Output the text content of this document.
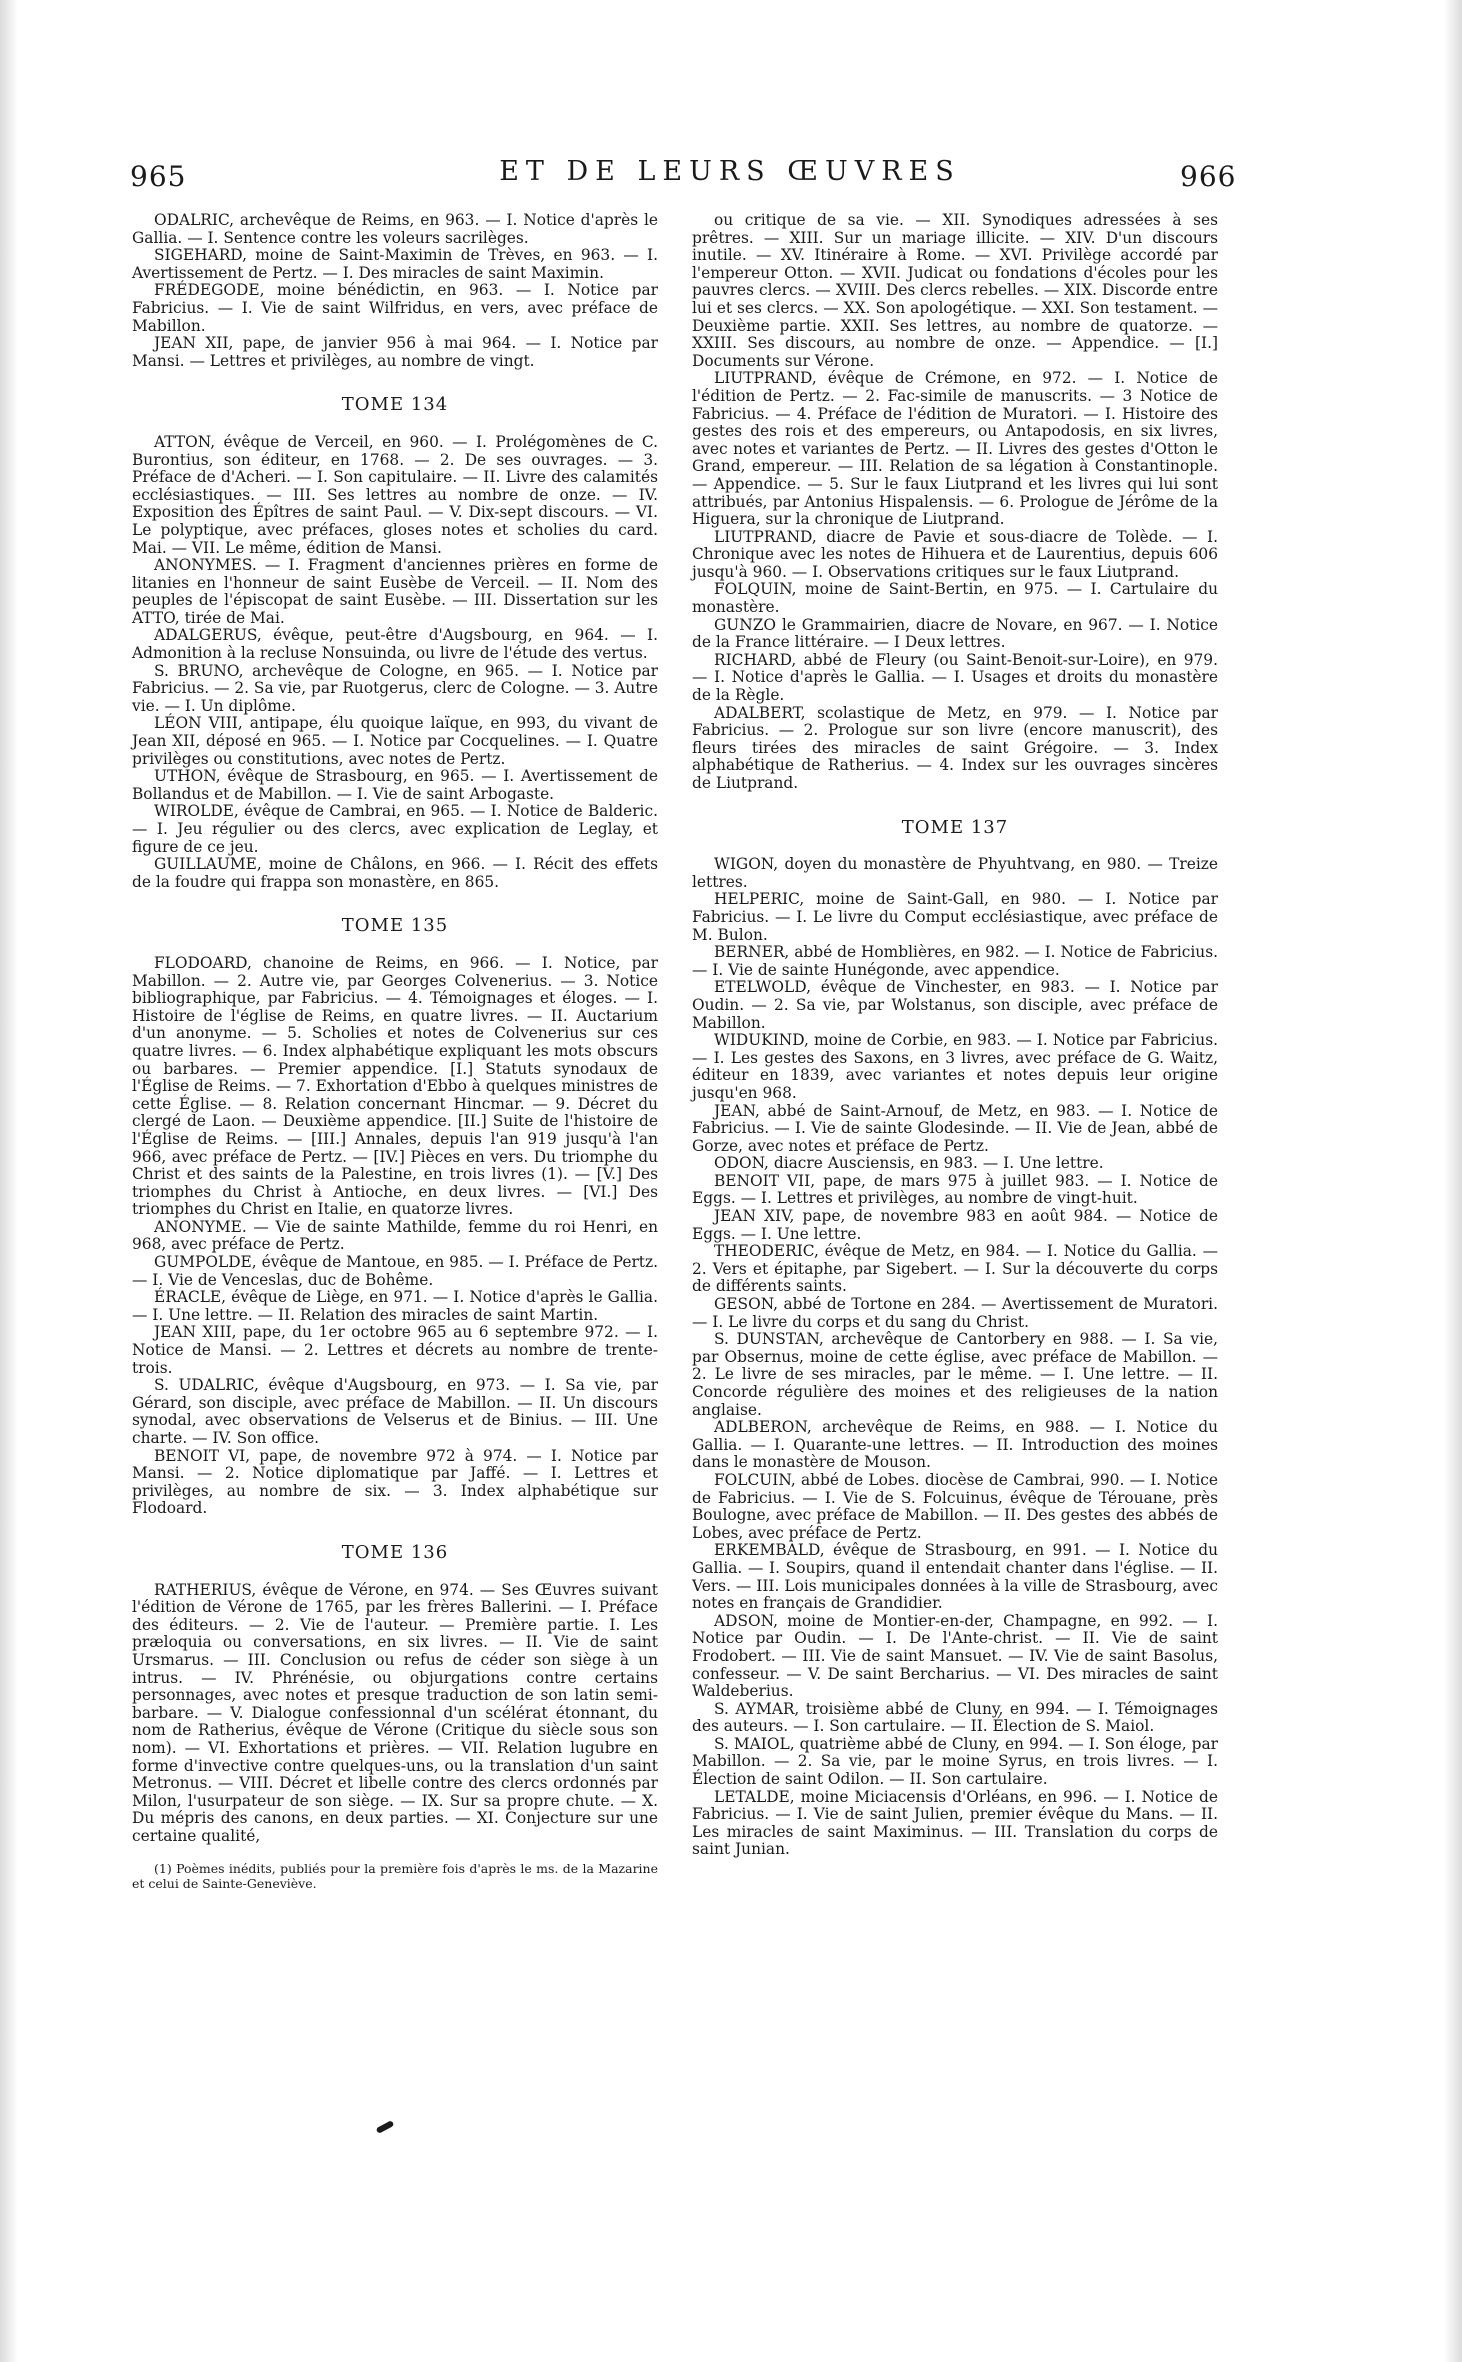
965	ET DE LEURS ŒUVRES	966

ODALRIC, archevêque de Reims, en 963. — I. Notice d'après le Gallia. — I. Sentence contre les voleurs sacrilèges.

SIGEHARD, moine de Saint-Maximin de Trèves, en 963. — I. Avertissement de Pertz. — I. Des miracles de saint Maximin.

FRÉDEGODE, moine bénédictin, en 963. — I. Notice par Fabricius. — I. Vie de saint Wilfridus, en vers, avec préface de Mabillon.

JEAN XII, pape, de janvier 956 à mai 964. — I. Notice par Mansi. — Lettres et privilèges, au nombre de vingt.

TOME 134

ATTON, évêque de Verceil, en 960. — I. Prolégomènes de C. Burontius, son éditeur, en 1768. — 2. De ses ouvrages. — 3. Préface de d'Acheri. — I. Son capitulaire. — II. Livre des calamités ecclésiastiques. — III. Ses lettres au nombre de onze. — IV. Exposition des Épîtres de saint Paul. — V. Dix-sept discours. — VI. Le polyptique, avec préfaces, gloses notes et scholies du card. Mai. — VII. Le même, édition de Mansi.

ANONYMES. — I. Fragment d'anciennes prières en forme de litanies en l'honneur de saint Eusèbe de Verceil. — II. Nom des peuples de l'épiscopat de saint Eusèbe. — III. Dissertation sur les ATTO, tirée de Mai.

ADALGERUS, évêque, peut-être d'Augsbourg, en 964. — I. Admonition à la recluse Nonsuinda, ou livre de l'étude des vertus.

S. BRUNO, archevêque de Cologne, en 965. — I. Notice par Fabricius. — 2. Sa vie, par Ruotgerus, clerc de Cologne. — 3. Autre vie. — I. Un diplôme.

LÉON VIII, antipape, élu quoique laïque, en 993, du vivant de Jean XII, déposé en 965. — I. Notice par Cocquelines. — I. Quatre privilèges ou constitutions, avec notes de Pertz.

UTHON, évêque de Strasbourg, en 965. — I. Avertissement de Bollandus et de Mabillon. — I. Vie de saint Arbogaste.

WIROLDE, évêque de Cambrai, en 965. — I. Notice de Balderic. — I. Jeu régulier ou des clercs, avec explication de Leglay, et figure de ce jeu.

GUILLAUME, moine de Châlons, en 966. — I. Récit des effets de la foudre qui frappa son monastère, en 865.

TOME 135

FLODOARD, chanoine de Reims, en 966. — I. Notice, par Mabillon. — 2. Autre vie, par Georges Colvenerius. — 3. Notice bibliographique, par Fabricius. — 4. Témoignages et éloges. — I. Histoire de l'église de Reims, en quatre livres. — II. Auctarium d'un anonyme. — 5. Scholies et notes de Colvenerius sur ces quatre livres. — 6. Index alphabétique expliquant les mots obscurs ou barbares. — Premier appendice. [I.] Statuts synodaux de l'Église de Reims. — 7. Exhortation d'Ebbo à quelques ministres de cette Église. — 8. Relation concernant Hincmar. — 9. Décret du clergé de Laon. — Deuxième appendice. [II.] Suite de l'histoire de l'Église de Reims. — [III.] Annales, depuis l'an 919 jusqu'à l'an 966, avec préface de Pertz. — [IV.] Pièces en vers. Du triomphe du Christ et des saints de la Palestine, en trois livres (1). — [V.] Des triomphes du Christ à Antioche, en deux livres. — [VI.] Des triomphes du Christ en Italie, en quatorze livres.

ANONYME. — Vie de sainte Mathilde, femme du roi Henri, en 968, avec préface de Pertz.

GUMPOLDE, évêque de Mantoue, en 985. — I. Préface de Pertz. — I. Vie de Venceslas, duc de Bohême.

ÉRACLE, évêque de Liège, en 971. — I. Notice d'après le Gallia. — I. Une lettre. — II. Relation des miracles de saint Martin.

JEAN XIII, pape, du 1er octobre 965 au 6 septembre 972. — I. Notice de Mansi. — 2. Lettres et décrets au nombre de trente-trois.

S. UDALRIC, évêque d'Augsbourg, en 973. — I. Sa vie, par Gérard, son disciple, avec préface de Mabillon. — II. Un discours synodal, avec observations de Velserus et de Binius. — III. Une charte. — IV. Son office.

BENOIT VI, pape, de novembre 972 à 974. — I. Notice par Mansi. — 2. Notice diplomatique par Jaffé. — I. Lettres et privilèges, au nombre de six. — 3. Index alphabétique sur Flodoard.

TOME 136

RATHERIUS, évêque de Vérone, en 974. — Ses Œuvres suivant l'édition de Vérone de 1765, par les frères Ballerini. — I. Préface des éditeurs. — 2. Vie de l'auteur. — Première partie. I. Les præloquia ou conversations, en six livres. — II. Vie de saint Ursmarus. — III. Conclusion ou refus de céder son siège à un intrus. — IV. Phrénésie, ou objurgations contre certains personnages, avec notes et presque traduction de son latin semi-barbare. — V. Dialogue confessionnal d'un scélérat étonnant, du nom de Ratherius, évêque de Vérone (Critique du siècle sous son nom). — VI. Exhortations et prières. — VII. Relation lugubre en forme d'invective contre quelques-uns, ou la translation d'un saint Metronus. — VIII. Décret et libelle contre des clercs ordonnés par Milon, l'usurpateur de son siège. — IX. Sur sa propre chute. — X. Du mépris des canons, en deux parties. — XI. Conjecture sur une certaine qualité,

(1) Poèmes inédits, publiés pour la première fois d'après le ms. de la Mazarine et celui de Sainte-Geneviève.

ou critique de sa vie. — XII. Synodiques adressées à ses prêtres. — XIII. Sur un mariage illicite. — XIV. D'un discours inutile. — XV. Itinéraire à Rome. — XVI. Privilège accordé par l'empereur Otton. — XVII. Judicat ou fondations d'écoles pour les pauvres clercs. — XVIII. Des clercs rebelles. — XIX. Discorde entre lui et ses clercs. — XX. Son apologétique. — XXI. Son testament. — Deuxième partie. XXII. Ses lettres, au nombre de quatorze. — XXIII. Ses discours, au nombre de onze. — Appendice. — [I.] Documents sur Vérone.

LIUTPRAND, évêque de Crémone, en 972. — I. Notice de l'édition de Pertz. — 2. Fac-simile de manuscrits. — 3 Notice de Fabricius. — 4. Préface de l'édition de Muratori. — I. Histoire des gestes des rois et des empereurs, ou Antapodosis, en six livres, avec notes et variantes de Pertz. — II. Livres des gestes d'Otton le Grand, empereur. — III. Relation de sa légation à Constantinople. — Appendice. — 5. Sur le faux Liutprand et les livres qui lui sont attribués, par Antonius Hispalensis. — 6. Prologue de Jérôme de la Higuera, sur la chronique de Liutprand.

LIUTPRAND, diacre de Pavie et sous-diacre de Tolède. — I. Chronique avec les notes de Hihuera et de Laurentius, depuis 606 jusqu'à 960. — I. Observations critiques sur le faux Liutprand.

FOLQUIN, moine de Saint-Bertin, en 975. — I. Cartulaire du monastère.

GUNZO le Grammairien, diacre de Novare, en 967. — I. Notice de la France littéraire. — I Deux lettres.

RICHARD, abbé de Fleury (ou Saint-Benoit-sur-Loire), en 979. — I. Notice d'après le Gallia. — I. Usages et droits du monastère de la Règle.

ADALBERT, scolastique de Metz, en 979. — I. Notice par Fabricius. — 2. Prologue sur son livre (encore manuscrit), des fleurs tirées des miracles de saint Grégoire. — 3. Index alphabétique de Ratherius. — 4. Index sur les ouvrages sincères de Liutprand.

TOME 137

WIGON, doyen du monastère de Phyuhtvang, en 980. — Treize lettres.

HELPERIC, moine de Saint-Gall, en 980. — I. Notice par Fabricius. — I. Le livre du Comput ecclésiastique, avec préface de M. Bulon.

BERNER, abbé de Homblières, en 982. — I. Notice de Fabricius. — I. Vie de sainte Hunégonde, avec appendice.

ETELWOLD, évêque de Vinchester, en 983. — I. Notice par Oudin. — 2. Sa vie, par Wolstanus, son disciple, avec préface de Mabillon.

WIDUKIND, moine de Corbie, en 983. — I. Notice par Fabricius. — I. Les gestes des Saxons, en 3 livres, avec préface de G. Waitz, éditeur en 1839, avec variantes et notes depuis leur origine jusqu'en 968.

JEAN, abbé de Saint-Arnouf, de Metz, en 983. — I. Notice de Fabricius. — I. Vie de sainte Glodesinde. — II. Vie de Jean, abbé de Gorze, avec notes et préface de Pertz.

ODON, diacre Ausciensis, en 983. — I. Une lettre.

BENOIT VII, pape, de mars 975 à juillet 983. — I. Notice de Eggs. — I. Lettres et privilèges, au nombre de vingt-huit.

JEAN XIV, pape, de novembre 983 en août 984. — Notice de Eggs. — I. Une lettre.

THEODERIC, évêque de Metz, en 984. — I. Notice du Gallia. — 2. Vers et épitaphe, par Sigebert. — I. Sur la découverte du corps de différents saints.

GESON, abbé de Tortone en 284. — Avertissement de Muratori. — I. Le livre du corps et du sang du Christ.

S. DUNSTAN, archevêque de Cantorbery en 988. — I. Sa vie, par Obsernus, moine de cette église, avec préface de Mabillon. — 2. Le livre de ses miracles, par le même. — I. Une lettre. — II. Concorde régulière des moines et des religieuses de la nation anglaise.

ADLBERON, archevêque de Reims, en 988. — I. Notice du Gallia. — I. Quarante-une lettres. — II. Introduction des moines dans le monastère de Mouson.

FOLCUIN, abbé de Lobes. diocèse de Cambrai, 990. — I. Notice de Fabricius. — I. Vie de S. Folcuinus, évêque de Térouane, près Boulogne, avec préface de Mabillon. — II. Des gestes des abbés de Lobes, avec préface de Pertz.

ERKEMBALD, évêque de Strasbourg, en 991. — I. Notice du Gallia. — I. Soupirs, quand il entendait chanter dans l'église. — II. Vers. — III. Lois municipales données à la ville de Strasbourg, avec notes en français de Grandidier.

ADSON, moine de Montier-en-der, Champagne, en 992. — I. Notice par Oudin. — I. De l'Ante-christ. — II. Vie de saint Frodobert. — III. Vie de saint Mansuet. — IV. Vie de saint Basolus, confesseur. — V. De saint Bercharius. — VI. Des miracles de saint Waldeberius.

S. AYMAR, troisième abbé de Cluny, en 994. — I. Témoignages des auteurs. — I. Son cartulaire. — II. Élection de S. Maiol.

S. MAIOL, quatrième abbé de Cluny, en 994. — I. Son éloge, par Mabillon. — 2. Sa vie, par le moine Syrus, en trois livres. — I. Élection de saint Odilon. — II. Son cartulaire.

LETALDE, moine Miciacensis d'Orléans, en 996. — I. Notice de Fabricius. — I. Vie de saint Julien, premier évêque du Mans. — II. Les miracles de saint Maximinus. — III. Translation du corps de saint Junian.
